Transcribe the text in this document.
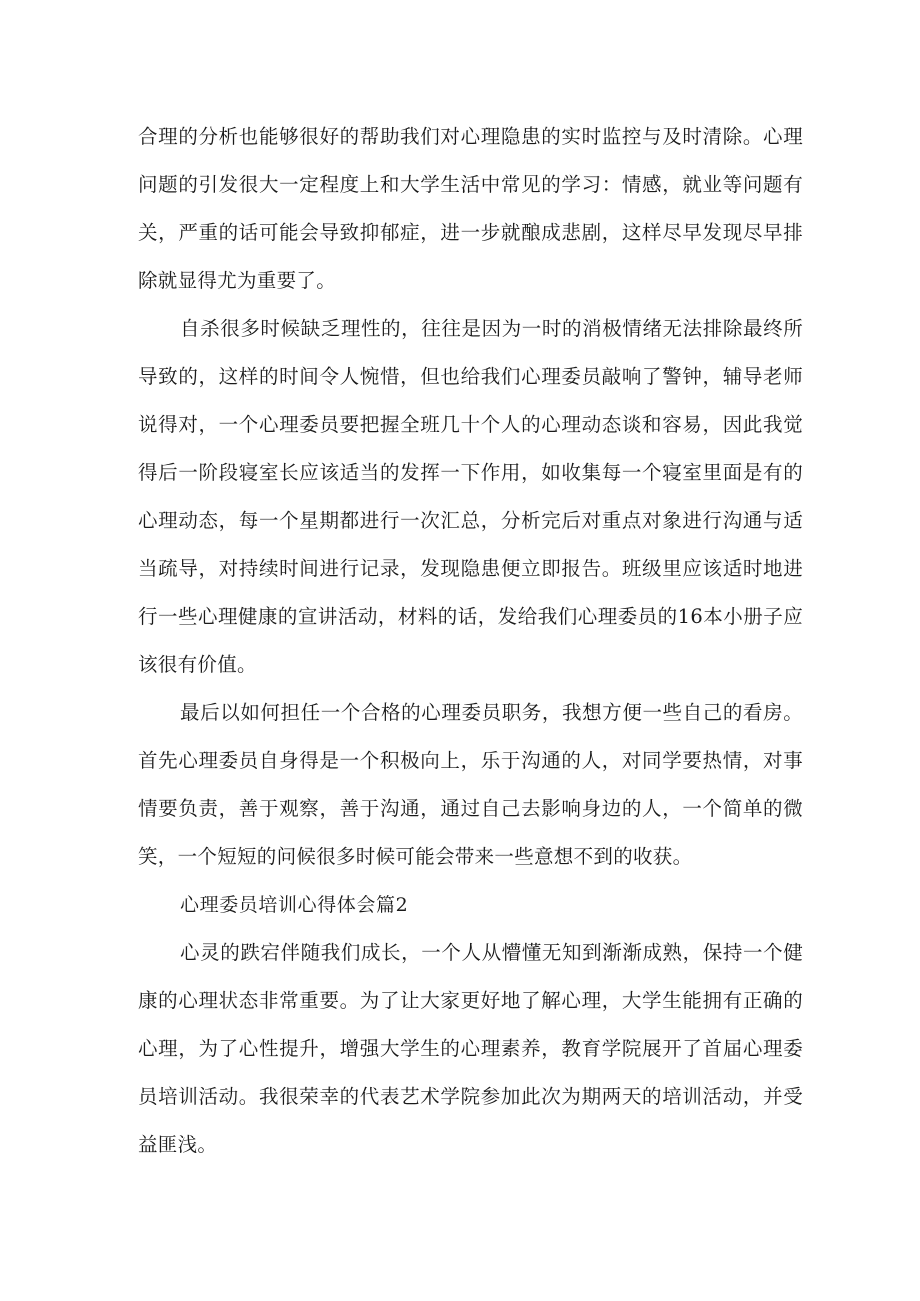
合理的分析也能够很好的帮助我们对心理隐患的实时监控与及时清除。心理问题的引发很大一定程度上和大学生活中常见的学习：情感，就业等问题有关，严重的话可能会导致抑郁症，进一步就酿成悲剧，这样尽早发现尽早排除就显得尤为重要了。

自杀很多时候缺乏理性的，往往是因为一时的消极情绪无法排除最终所导致的，这样的时间令人惋惜，但也给我们心理委员敲响了警钟，辅导老师说得对，一个心理委员要把握全班几十个人的心理动态谈和容易，因此我觉得后一阶段寝室长应该适当的发挥一下作用，如收集每一个寝室里面是有的心理动态，每一个星期都进行一次汇总，分析完后对重点对象进行沟通与适当疏导，对持续时间进行记录，发现隐患便立即报告。班级里应该适时地进行一些心理健康的宣讲活动，材料的话，发给我们心理委员的16本小册子应该很有价值。

最后以如何担任一个合格的心理委员职务，我想方便一些自己的看房。首先心理委员自身得是一个积极向上，乐于沟通的人，对同学要热情，对事情要负责，善于观察，善于沟通，通过自己去影响身边的人，一个简单的微笑，一个短短的问候很多时候可能会带来一些意想不到的收获。

心理委员培训心得体会篇2

心灵的跌宕伴随我们成长，一个人从懵懂无知到渐渐成熟，保持一个健康的心理状态非常重要。为了让大家更好地了解心理，大学生能拥有正确的心理，为了心性提升，增强大学生的心理素养，教育学院展开了首届心理委员培训活动。我很荣幸的代表艺术学院参加此次为期两天的培训活动，并受益匪浅。
